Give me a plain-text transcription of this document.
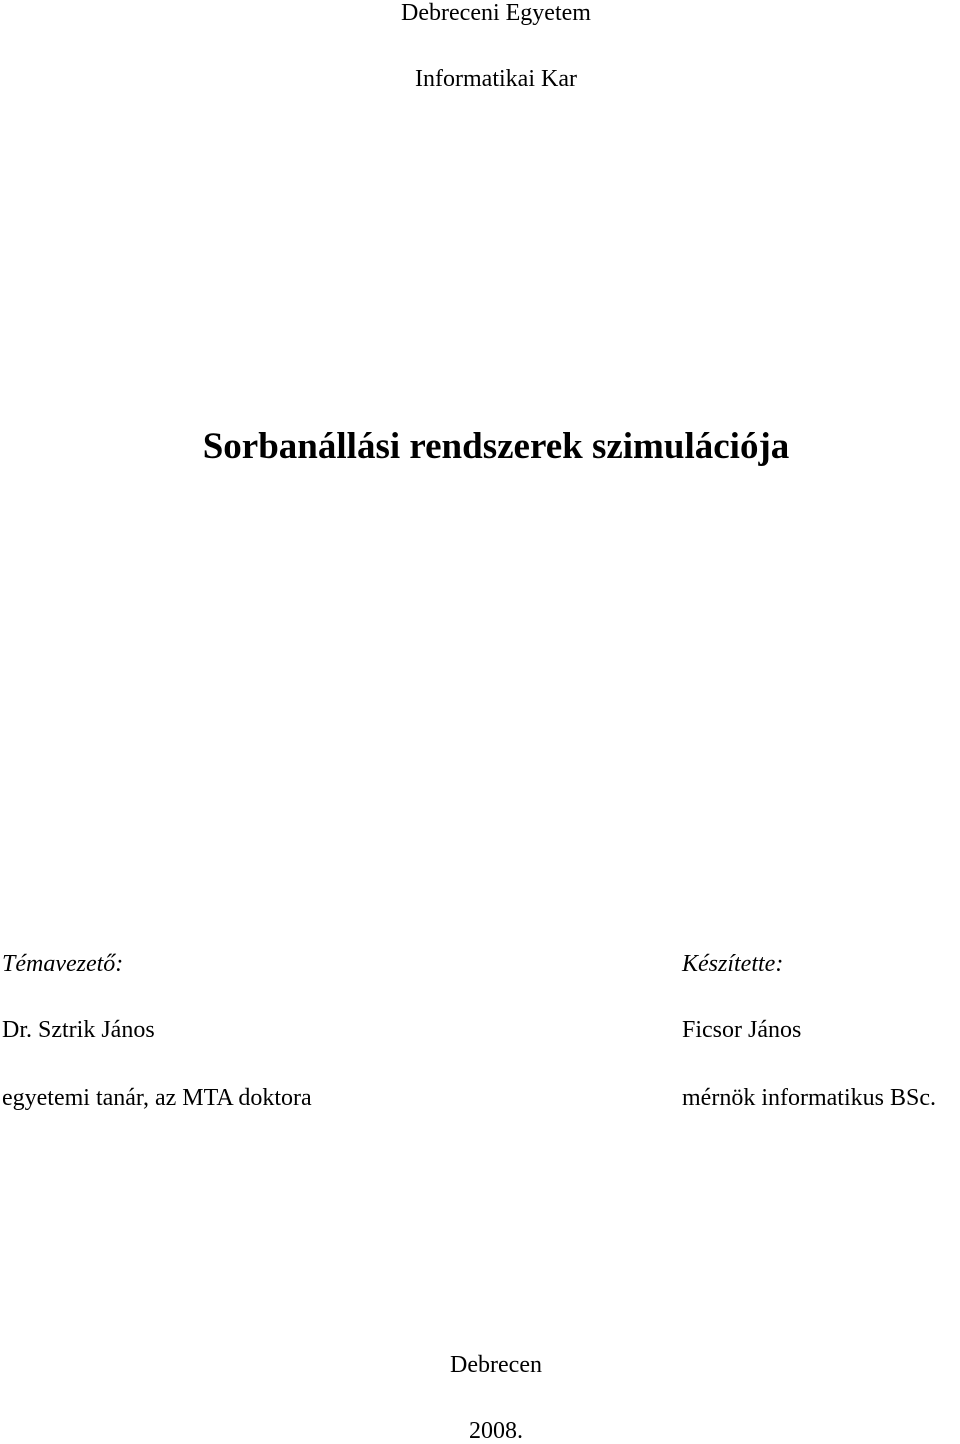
Debreceni Egyetem
Informatikai Kar
Sorbanállási rendszerek szimulációja
Témavezető:	Készítette:
Dr. Sztrik János	Ficsor János
egyetemi tanár, az MTA doktora	mérnök informatikus BSc.
Debrecen
2008.
